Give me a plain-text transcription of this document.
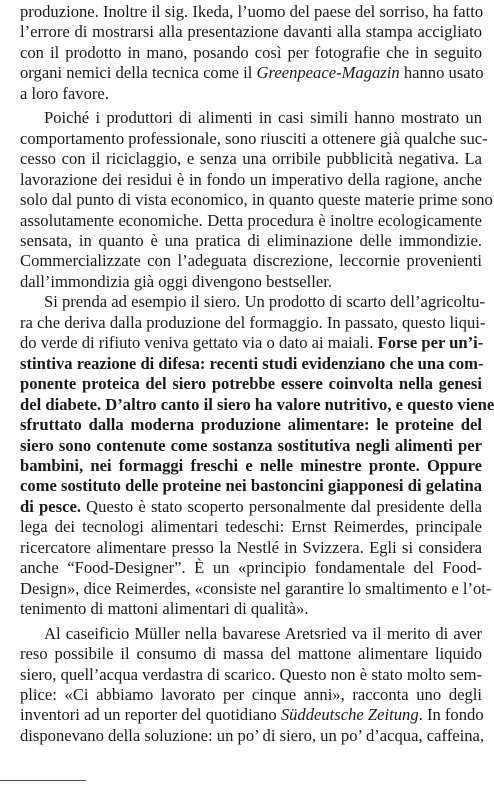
produzione. Inoltre il sig. Ikeda, l’uomo del paese del sorriso, ha fatto
l’errore di mostrarsi alla presentazione davanti alla stampa accigliato
con il prodotto in mano, posando così per fotografie che in seguito
organi nemici della tecnica come il Greenpeace-Magazin hanno usato
a loro favore.
Poiché i produttori di alimenti in casi simili hanno mostrato un
comportamento professionale, sono riusciti a ottenere già qualche suc-
cesso con il riciclaggio, e senza una orribile pubblicità negativa. La
lavorazione dei residui è in fondo un imperativo della ragione, anche
solo dal punto di vista economico, in quanto queste materie prime sono
assolutamente economiche. Detta procedura è inoltre ecologicamente
sensata, in quanto è una pratica di eliminazione delle immondizie.
Commercializzate con l’adeguata discrezione, leccornie provenienti
dall’immondizia già oggi divengono bestseller.
Si prenda ad esempio il siero. Un prodotto di scarto dell’agricoltu-
ra che deriva dalla produzione del formaggio. In passato, questo liqui-
do verde di rifiuto veniva gettato via o dato ai maiali. Forse per un’i-
stintiva reazione di difesa: recenti studi evidenziano che una com-
ponente proteica del siero potrebbe essere coinvolta nella genesi
del diabete. D’altro canto il siero ha valore nutritivo, e questo viene
sfruttato dalla moderna produzione alimentare: le proteine del
siero sono contenute come sostanza sostitutiva negli alimenti per
bambini, nei formaggi freschi e nelle minestre pronte. Oppure
come sostituto delle proteine nei bastoncini giapponesi di gelatina
di pesce. Questo è stato scoperto personalmente dal presidente della
lega dei tecnologi alimentari tedeschi: Ernst Reimerdes, principale
ricercatore alimentare presso la Nestlé in Svizzera. Egli si considera
anche “Food-Designer”. È un «principio fondamentale del Food-
Design», dice Reimerdes, «consiste nel garantire lo smaltimento e l’ot-
tenimento di mattoni alimentari di qualità».
Al caseificio Müller nella bavarese Aretsried va il merito di aver
reso possibile il consumo di massa del mattone alimentare liquido
siero, quell’acqua verdastra di scarico. Questo non è stato molto sem-
plice: «Ci abbiamo lavorato per cinque anni», racconta uno degli
inventori ad un reporter del quotidiano Süddeutsche Zeitung. In fondo
disponevano della soluzione: un po’ di siero, un po’ d’acqua, caffeina,
